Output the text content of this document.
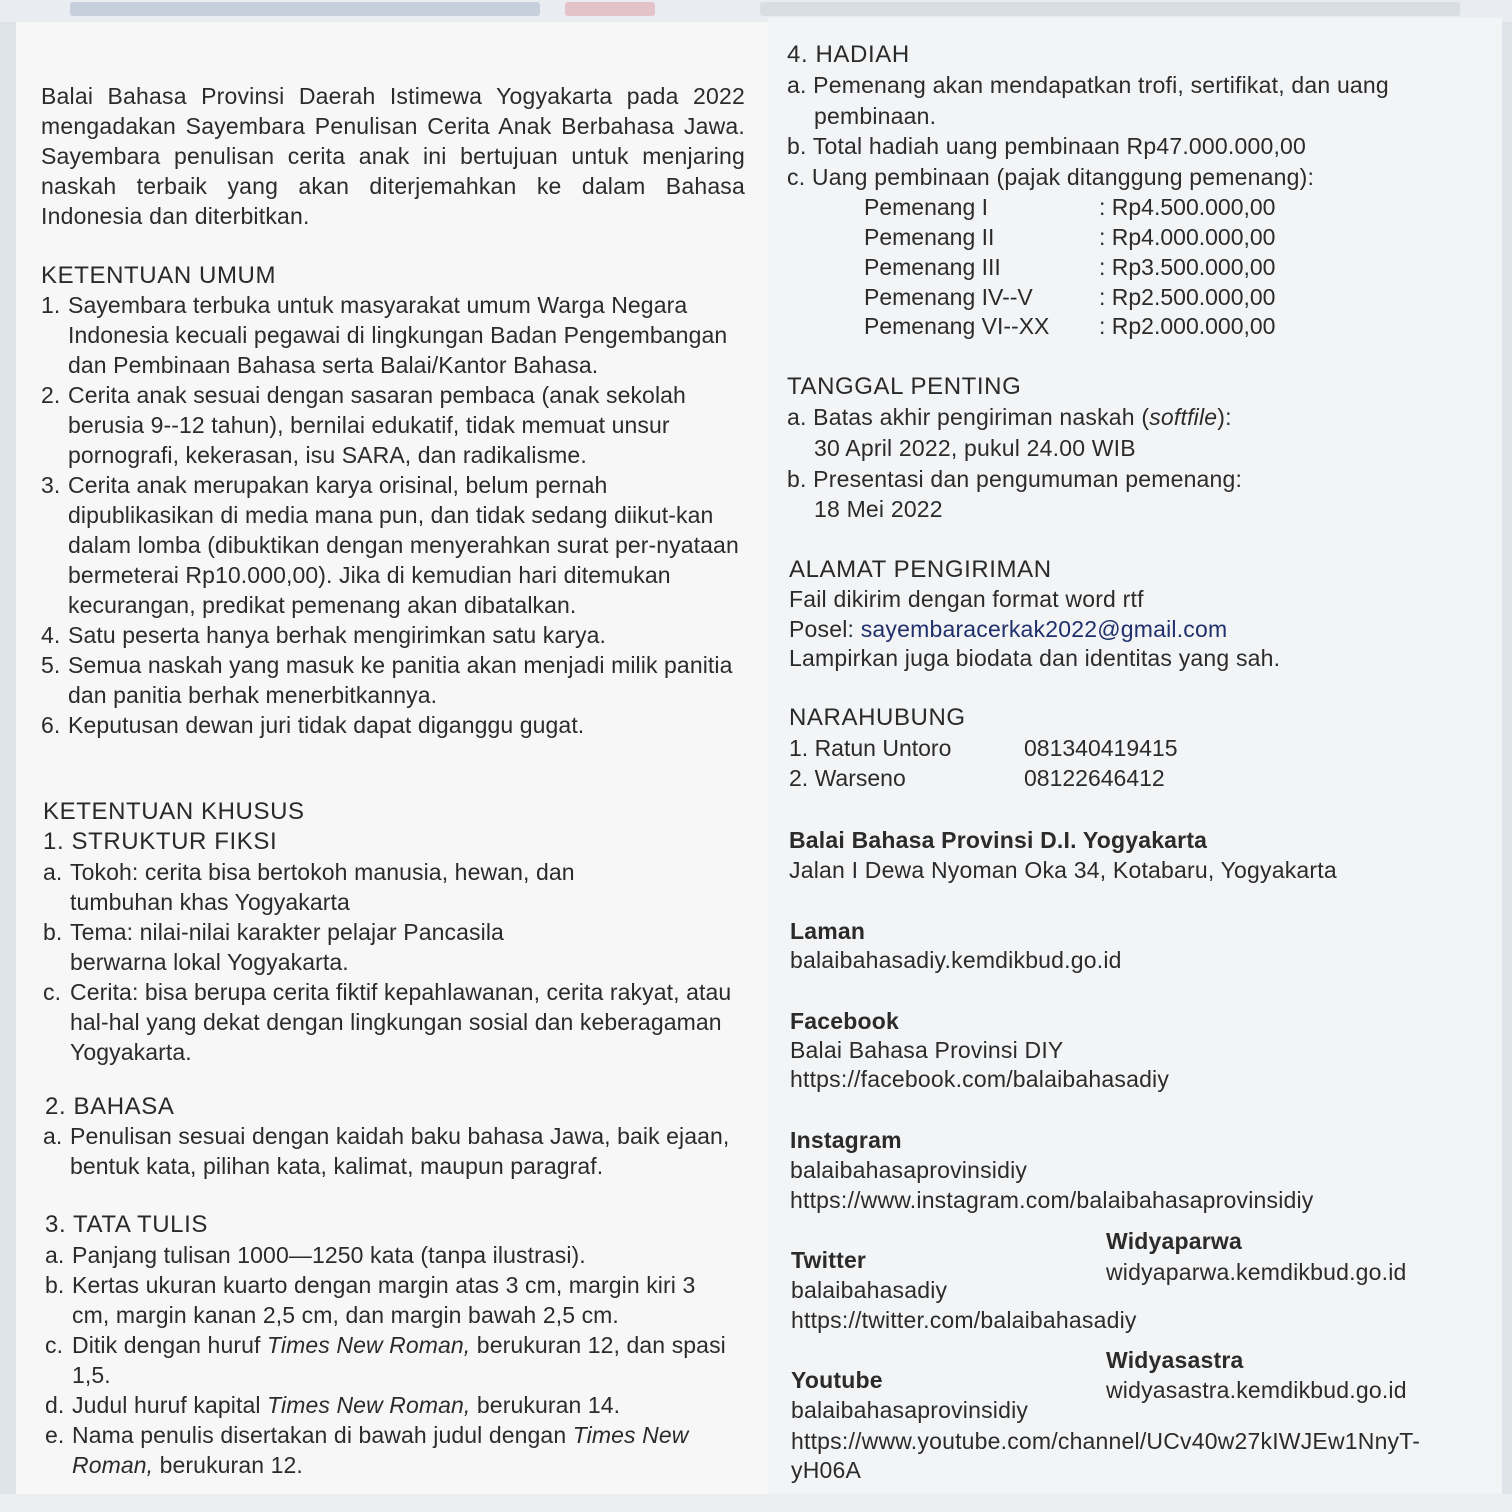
Balai Bahasa Provinsi Daerah Istimewa Yogyakarta pada 2022 mengadakan Sayembara Penulisan Cerita Anak Berbahasa Jawa. Sayembara penulisan cerita anak ini bertujuan untuk menjaring naskah terbaik yang akan diterjemahkan ke dalam Bahasa Indonesia dan diterbitkan.
KETENTUAN UMUM
1. Sayembara terbuka untuk masyarakat umum Warga Negara Indonesia kecuali pegawai di lingkungan Badan Pengembangan dan Pembinaan Bahasa serta Balai/Kantor Bahasa.
2. Cerita anak sesuai dengan sasaran pembaca (anak sekolah berusia 9--12 tahun), bernilai edukatif, tidak memuat unsur pornografi, kekerasan, isu SARA, dan radikalisme.
3. Cerita anak merupakan karya orisinal, belum pernah dipublikasikan di media mana pun, dan tidak sedang diikut-kan dalam lomba (dibuktikan dengan menyerahkan surat per-nyataan bermeterai Rp10.000,00). Jika di kemudian hari ditemukan kecurangan, predikat pemenang akan dibatalkan.
4. Satu peserta hanya berhak mengirimkan satu karya.
5. Semua naskah yang masuk ke panitia akan menjadi milik panitia dan panitia berhak menerbitkannya.
6. Keputusan dewan juri tidak dapat diganggu gugat.
KETENTUAN KHUSUS
1. STRUKTUR FIKSI
a. Tokoh: cerita bisa bertokoh manusia, hewan, dan tumbuhan khas Yogyakarta
b. Tema: nilai-nilai karakter pelajar Pancasila berwarna lokal Yogyakarta.
c. Cerita: bisa berupa cerita fiktif kepahlawanan, cerita rakyat, atau hal-hal yang dekat dengan lingkungan sosial dan keberagaman Yogyakarta.
2. BAHASA
a. Penulisan sesuai dengan kaidah baku bahasa Jawa, baik ejaan, bentuk kata, pilihan kata, kalimat, maupun paragraf.
3. TATA TULIS
a. Panjang tulisan 1000—1250 kata (tanpa ilustrasi).
b. Kertas ukuran kuarto dengan margin atas 3 cm, margin kiri 3 cm, margin kanan 2,5 cm, dan margin bawah 2,5 cm.
c. Ditik dengan huruf Times New Roman, berukuran 12, dan spasi 1,5.
d. Judul huruf kapital Times New Roman, berukuran 14.
e. Nama penulis disertakan di bawah judul dengan Times New Roman, berukuran 12.
4. HADIAH
a. Pemenang akan mendapatkan trofi, sertifikat, dan uang
pembinaan.
b. Total hadiah uang pembinaan Rp47.000.000,00
c. Uang pembinaan (pajak ditanggung pemenang):
Pemenang I	: Rp4.500.000,00
Pemenang II	: Rp4.000.000,00
Pemenang III	: Rp3.500.000,00
Pemenang IV--V	: Rp2.500.000,00
Pemenang VI--XX : Rp2.000.000,00
TANGGAL PENTING
a. Batas akhir pengiriman naskah (softfile):
30 April 2022, pukul 24.00 WIB
b. Presentasi dan pengumuman pemenang:
18 Mei 2022
ALAMAT PENGIRIMAN
Fail dikirim dengan format word rtf
Posel: sayembaracerkak2022@gmail.com
Lampirkan juga biodata dan identitas yang sah.
NARAHUBUNG
1. Ratun Untoro	081340419415
2. Warseno	08122646412
Balai Bahasa Provinsi D.I. Yogyakarta
Jalan I Dewa Nyoman Oka 34, Kotabaru, Yogyakarta
Laman
balaibahasadiy.kemdikbud.go.id
Facebook
Balai Bahasa Provinsi DIY
https://facebook.com/balaibahasadiy
Instagram
balaibahasaprovinsidiy
https://www.instagram.com/balaibahasaprovinsidiy
Widyaparwa
widyaparwa.kemdikbud.go.id
Twitter
balaibahasadiy
https://twitter.com/balaibahasadiy
Widyasastra
widyasastra.kemdikbud.go.id
Youtube
balaibahasaprovinsidiy
https://www.youtube.com/channel/UCv40w27kIWJEw1NnyT-
yH06A
